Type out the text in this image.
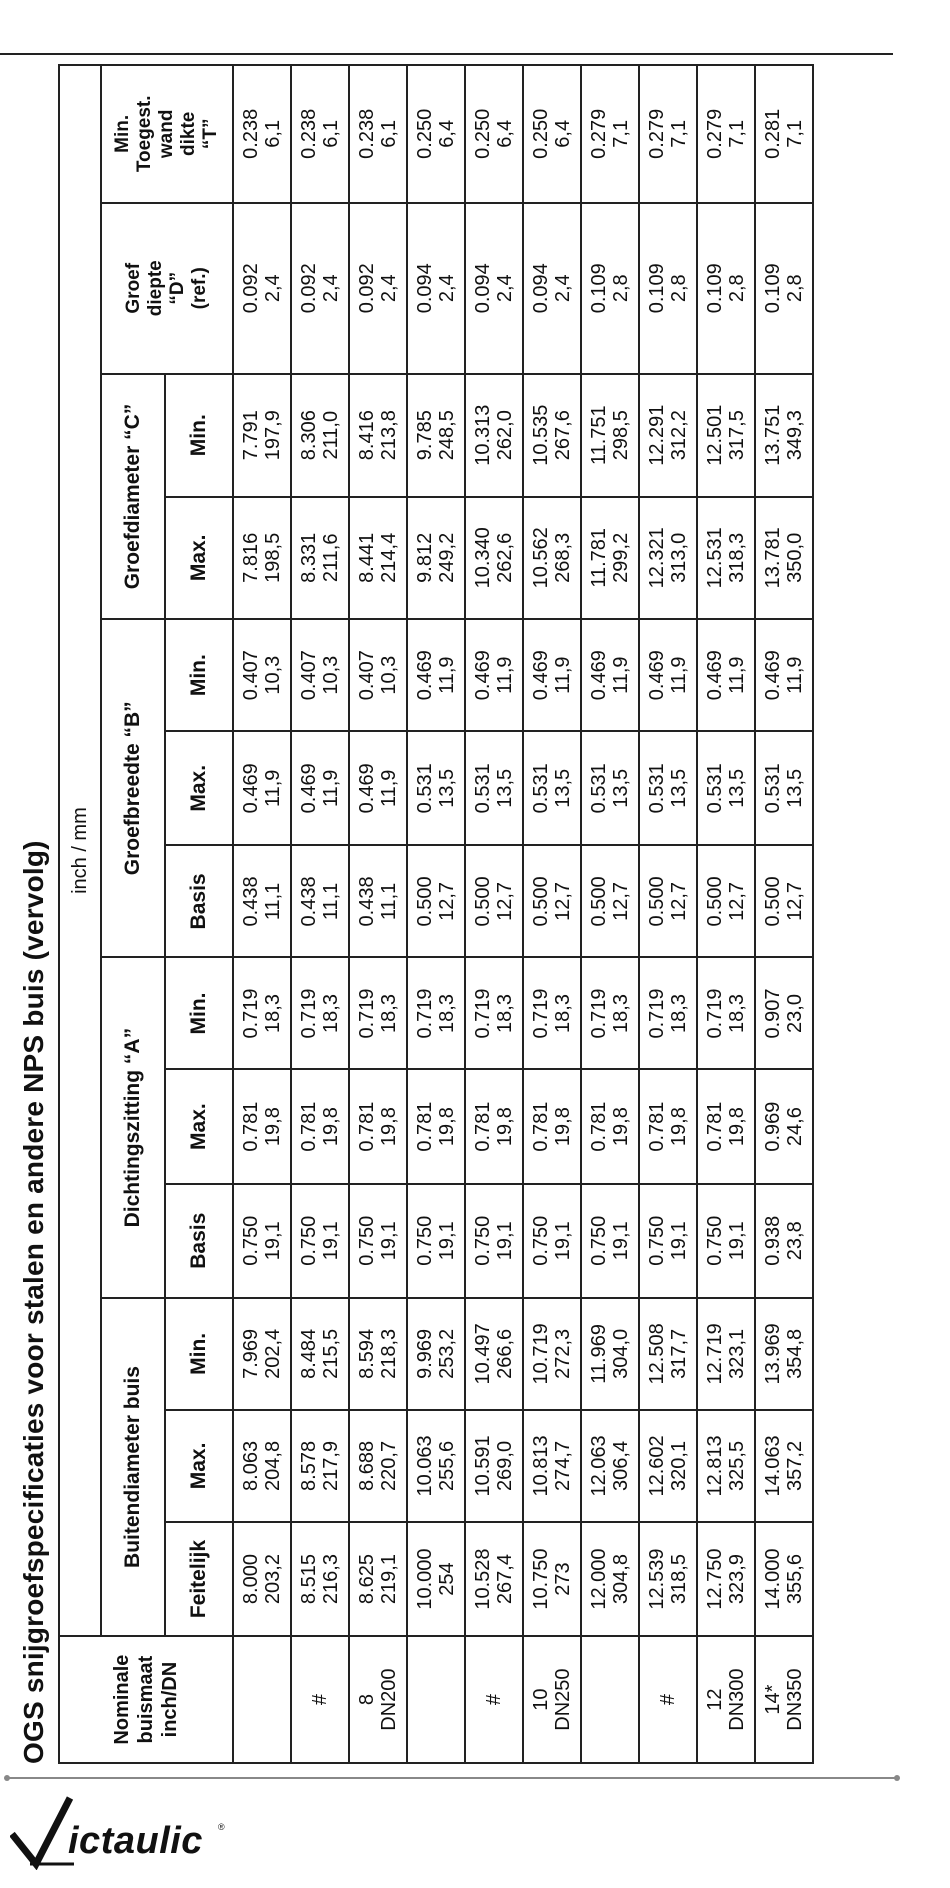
OGS snijgroefspecificaties voor stalen en andere NPS buis (vervolg)	Nominale buismaat inch/DN	inch / mm												
	Buitendiameter buis			Dichtingszitting “A”			Groefbreedte “B”			Groefdiameter “C”		Groef diepte “D” (ref.)	Min. Toegest. wand dikte “T”

	Feitelijk	Max.	Min.	Basis	Max.	Min.	Basis	Max.	Min.	Max.	Min.		

	8.000 203,2	8.063 204,8	7.969 202,4	0.750 19,1	0.781 19,8	0.719 18,3	0.438 11,1	0.469 11,9	0.407 10,3	7.816 198,5	7.791 197,9	0.092 2,4	0.238 6,1

#	8.515 216,3	8.578 217,9	8.484 215,5	0.750 19,1	0.781 19,8	0.719 18,3	0.438 11,1	0.469 11,9	0.407 10,3	8.331 211,6	8.306 211,0	0.092 2,4	0.238 6,1

8 DN200	8.625 219,1	8.688 220,7	8.594 218,3	0.750 19,1	0.781 19,8	0.719 18,3	0.438 11,1	0.469 11,9	0.407 10,3	8.441 214,4	8.416 213,8	0.092 2,4	0.238 6,1

	10.000 254	10.063 255,6	9.969 253,2	0.750 19,1	0.781 19,8	0.719 18,3	0.500 12,7	0.531 13,5	0.469 11,9	9.812 249,2	9.785 248,5	0.094 2,4	0.250 6,4

#	10.528 267,4	10.591 269,0	10.497 266,6	0.750 19,1	0.781 19,8	0.719 18,3	0.500 12,7	0.531 13,5	0.469 11,9	10.340 262,6	10.313 262,0	0.094 2,4	0.250 6,4

10 DN250	10.750 273	10.813 274,7	10.719 272,3	0.750 19,1	0.781 19,8	0.719 18,3	0.500 12,7	0.531 13,5	0.469 11,9	10.562 268,3	10.535 267,6	0.094 2,4	0.250 6,4

	12.000 304,8	12.063 306,4	11.969 304,0	0.750 19,1	0.781 19,8	0.719 18,3	0.500 12,7	0.531 13,5	0.469 11,9	11.781 299,2	11.751 298,5	0.109 2,8	0.279 7,1

#	12.539 318,5	12.602 320,1	12.508 317,7	0.750 19,1	0.781 19,8	0.719 18,3	0.500 12,7	0.531 13,5	0.469 11,9	12.321 313,0	12.291 312,2	0.109 2,8	0.279 7,1

12 DN300	12.750 323,9	12.813 325,5	12.719 323,1	0.750 19,1	0.781 19,8	0.719 18,3	0.500 12,7	0.531 13,5	0.469 11,9	12.531 318,3	12.501 317,5	0.109 2,8	0.279 7,1

14* DN350	14.000 355,6	14.063 357,2	13.969 354,8	0.938 23,8	0.969 24,6	0.907 23,0	0.500 12,7	0.531 13,5	0.469 11,9	13.781 350,0	13.751 349,3	0.109 2,8	0.281 7,1
ictaulic ®
